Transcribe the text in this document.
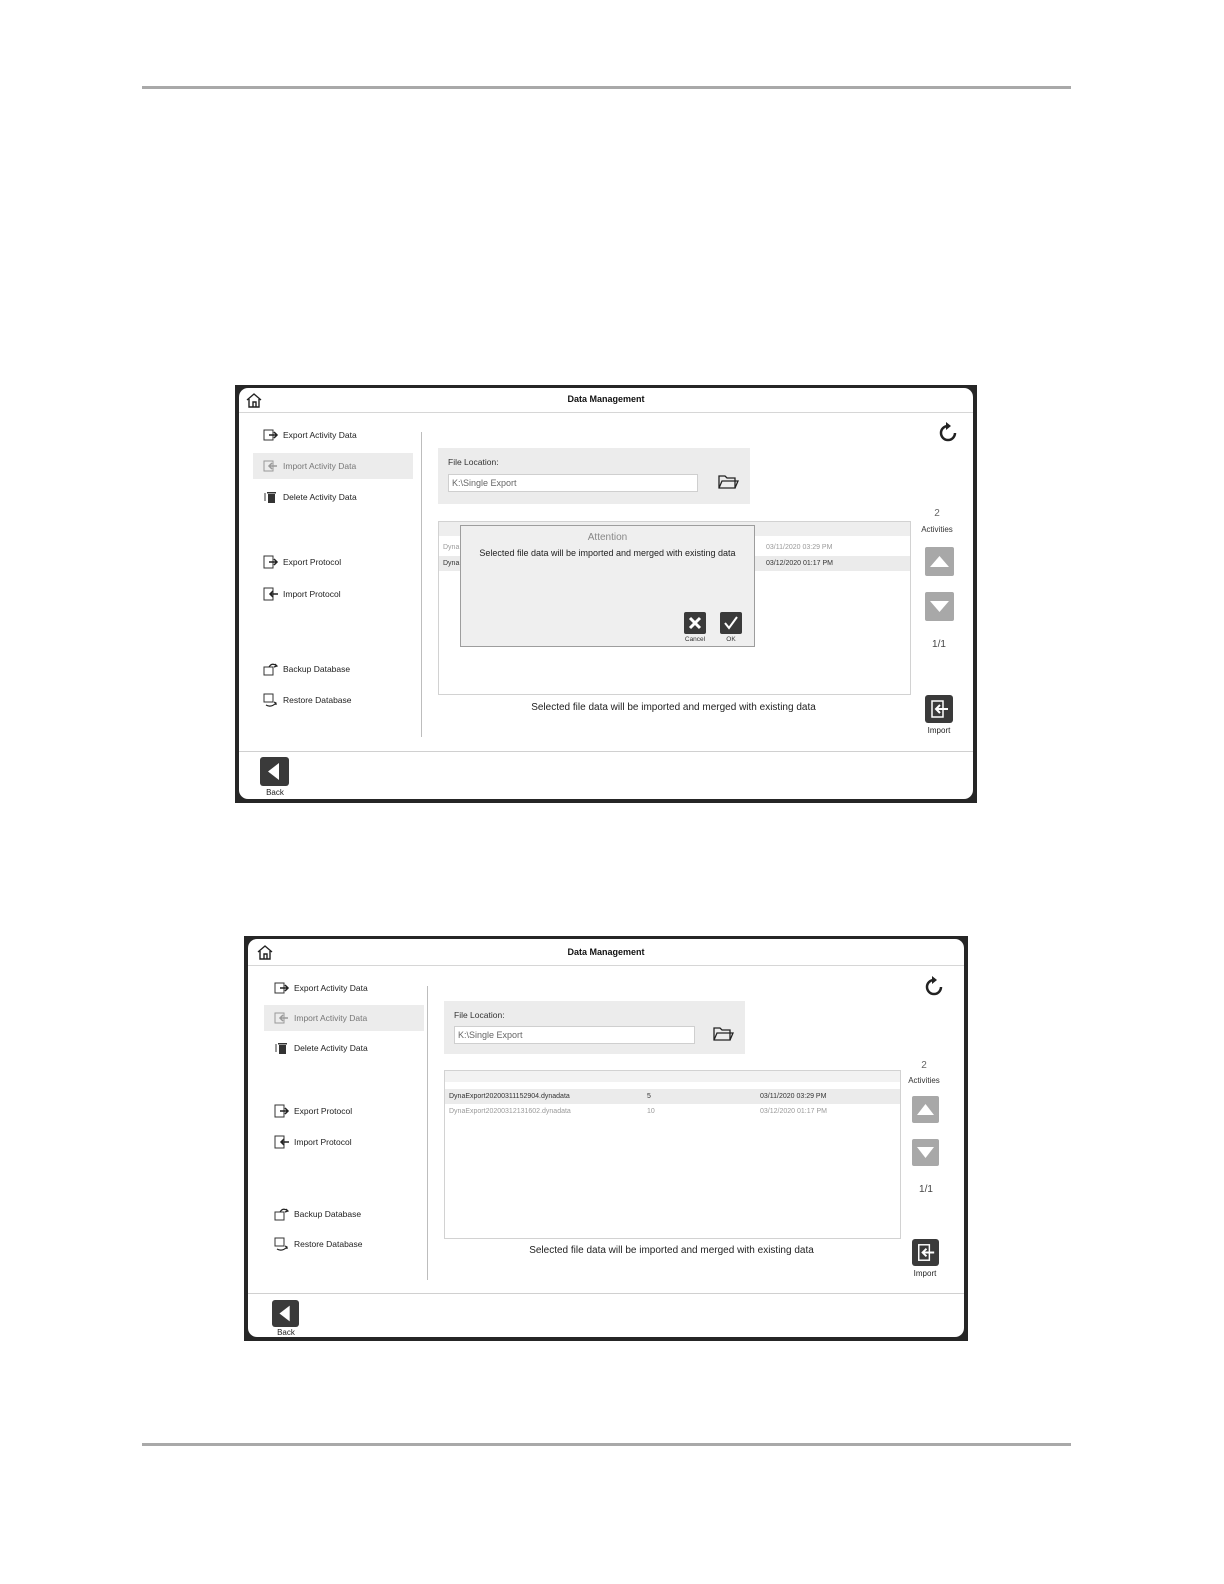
Data Management
Export Activity Data
Import Activity Data
Delete Activity Data
Export Protocol
Import Protocol
Backup Database
Restore Database
File Location:
K:\Single Export
Dyna	03/11/2020 03:29 PM
Dyna	03/12/2020 01:17 PM
2
Activities
1/1
Selected file data will be imported and merged with existing data
Import
Back
Attention
Selected file data will be imported and merged with existing data
Cancel	OK
Data Management
Export Activity Data
Import Activity Data
Delete Activity Data
Export Protocol
Import Protocol
Backup Database
Restore Database
File Location:
K:\Single Export
DynaExport20200311152904.dynadata	5	03/11/2020 03:29 PM
DynaExport20200312131602.dynadata	10	03/12/2020 01:17 PM
2
Activities
1/1
Selected file data will be imported and merged with existing data
Import
Back
